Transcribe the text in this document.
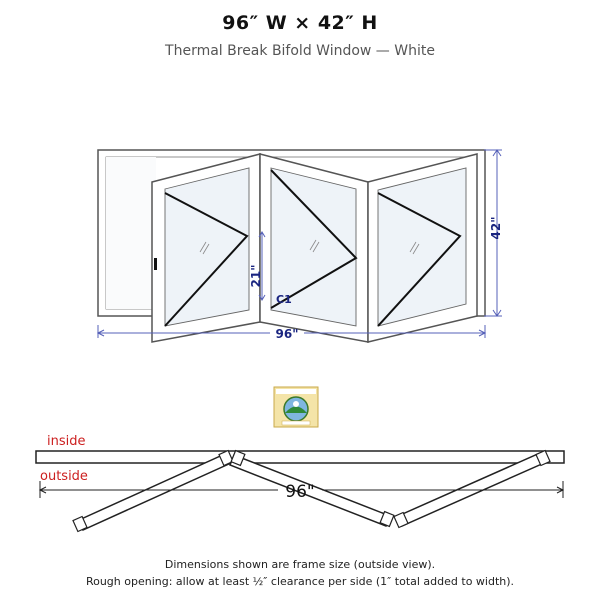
96″ W × 42″ H
Thermal Break Bifold Window — White
42"
21"
C1
96"
inside
outside
96"
Dimensions shown are frame size (outside view).
Rough opening: allow at least ½″ clearance per side (1″ total added to width).
